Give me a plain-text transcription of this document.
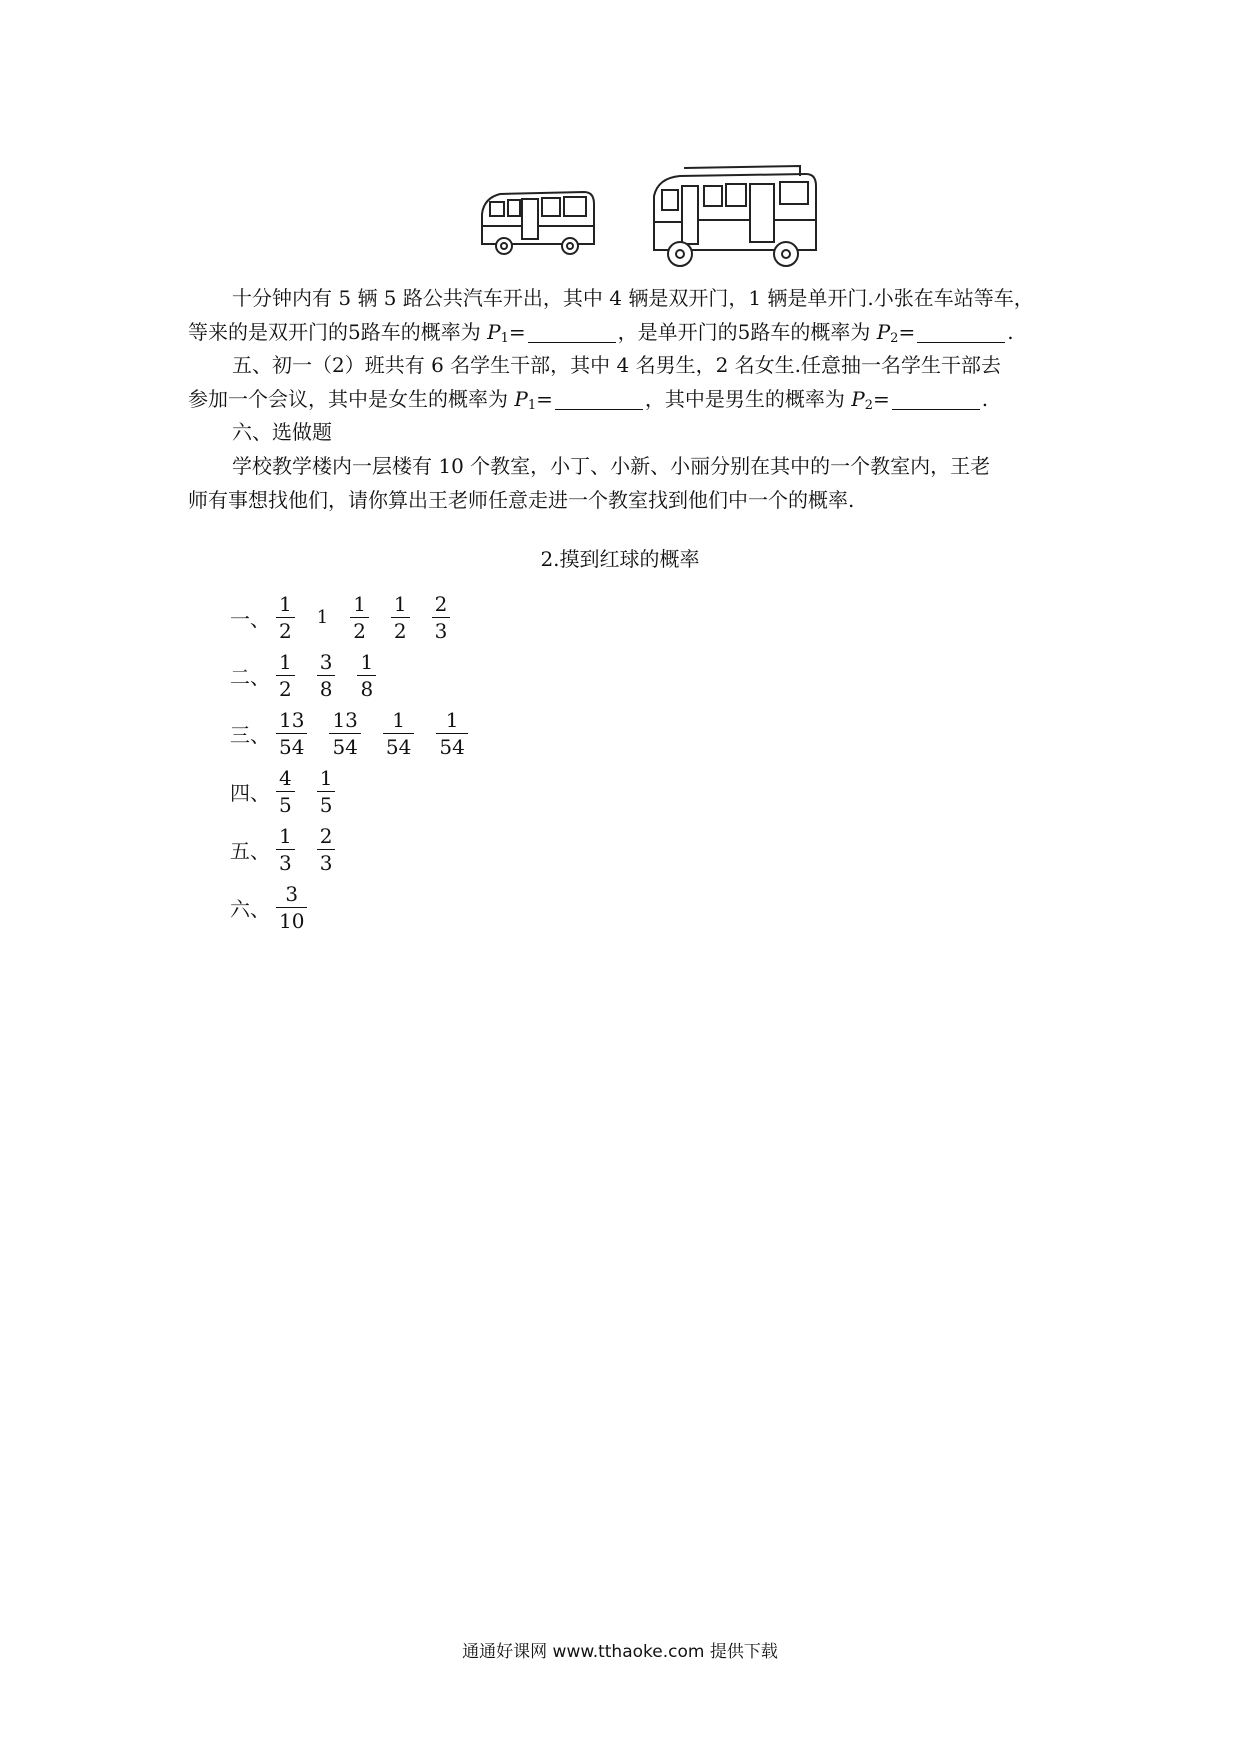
十分钟内有 5 辆 5 路公共汽车开出，其中 4 辆是双开门，1 辆是单开门.小张在车站等车，
等来的是双开门的5路车的概率为 $P_1=$	，是单开门的5路车的概率为 $P_2=$	.
五、初一（2）班共有 6 名学生干部，其中 4 名男生，2 名女生.任意抽一名学生干部去
参加一个会议，其中是女生的概率为 $P_1=$	，其中是男生的概率为 $P_2=$	.
六、选做题
学校教学楼内一层楼有 10 个教室，小丁、小新、小丽分别在其中的一个教室内，王老
师有事想找他们，请你算出王老师任意走进一个教室找到他们中一个的概率.
2.摸到红球的概率
一、 $\frac{1}{2} 1 \frac{1}{2} \frac{1}{2} \frac{2}{3}$
二、 $\frac{1}{2} \frac{3}{8} \frac{1}{8}$
三、 $\frac{13}{54} \frac{13}{54} \frac{1}{54} \frac{1}{54}$
四、 $\frac{4}{5} \frac{1}{5}$
五、 $\frac{1}{3} \frac{2}{3}$
六、 $\frac{3}{10}$
通通好课网 www.tthaoke.com 提供下载
